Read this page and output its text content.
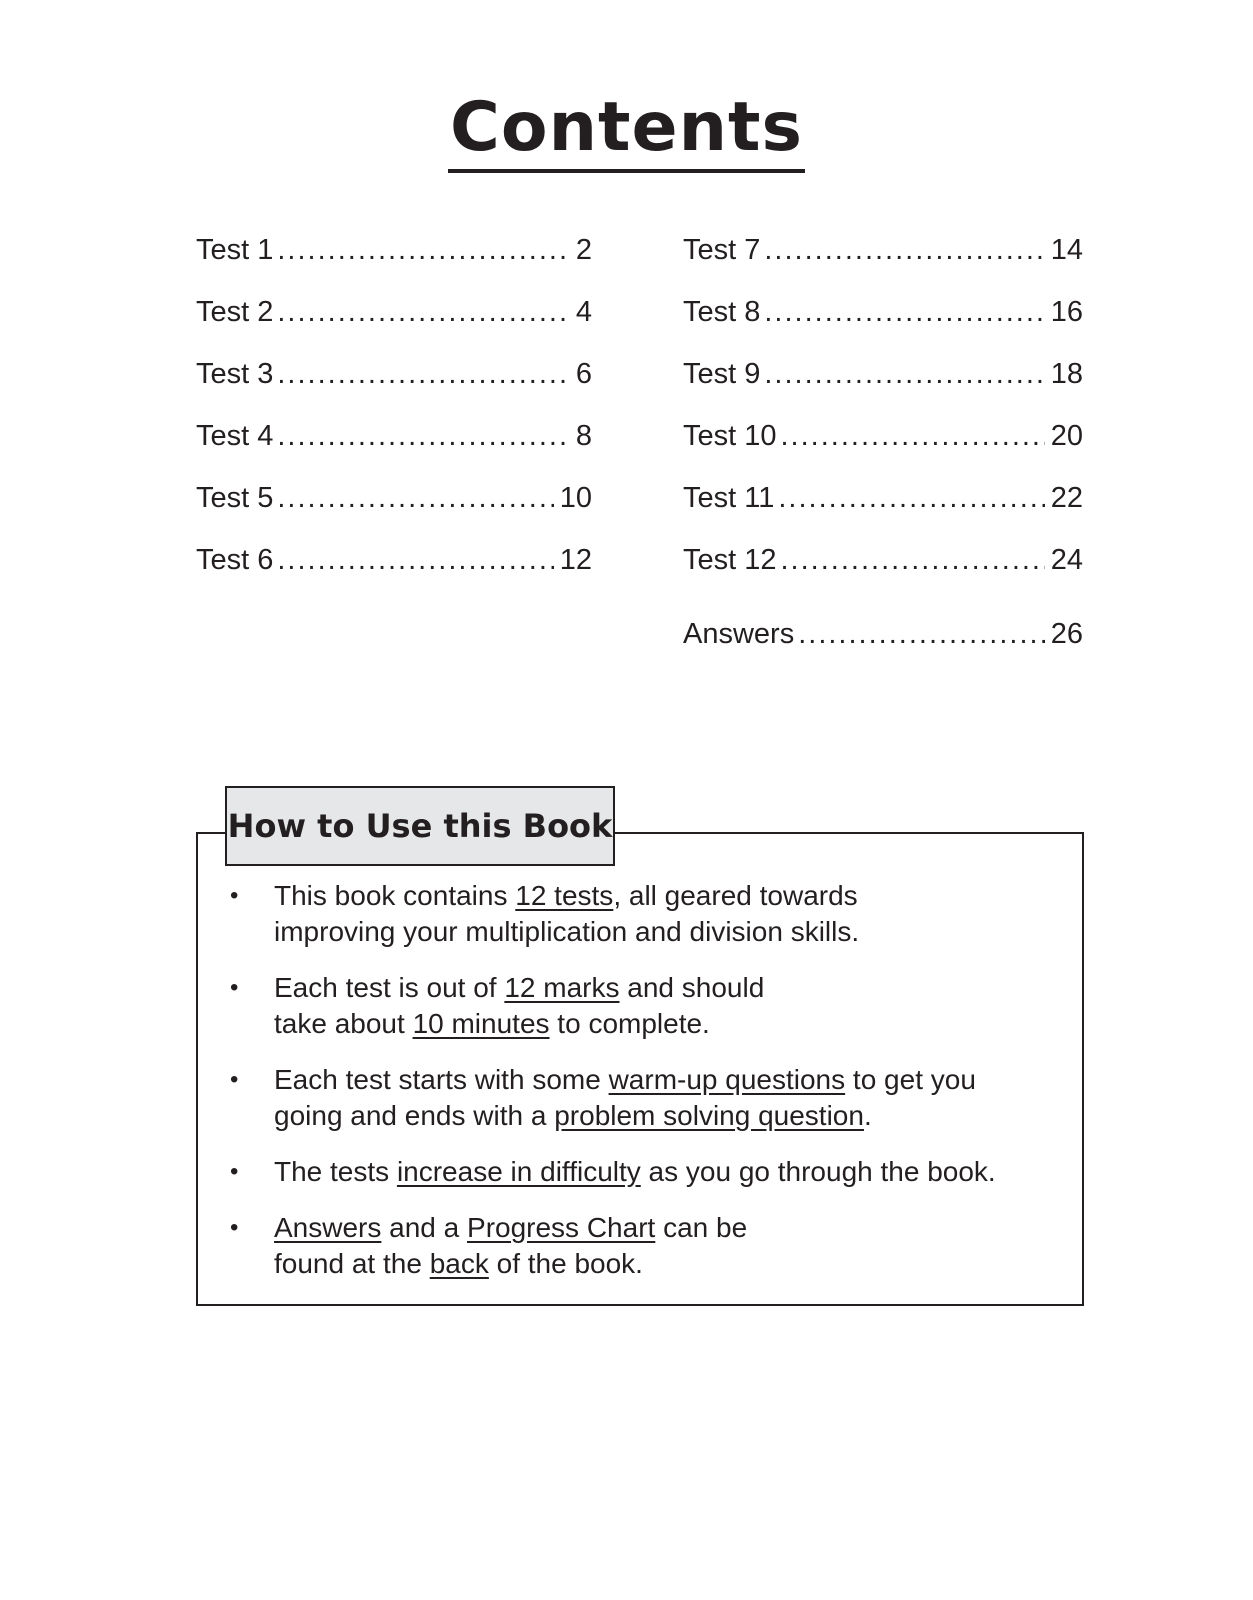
Contents
Test 1 .....	2
Test 2 .....	4
Test 3 .....	6
Test 4 .....	8
Test 5 .....	10
Test 6 .....	12
Test 7 .....	14
Test 8 .....	16
Test 9 .....	18
Test 10 .....	20
Test 11 .....	22
Test 12 .....	24
Answers .....	26
How to Use this Book
• This book contains 12 tests, all geared towards
improving your multiplication and division skills.
• Each test is out of 12 marks and should
take about 10 minutes to complete.
• Each test starts with some warm-up questions to get you
going and ends with a problem solving question.
• The tests increase in difficulty as you go through the book.
• Answers and a Progress Chart can be
found at the back of the book.
